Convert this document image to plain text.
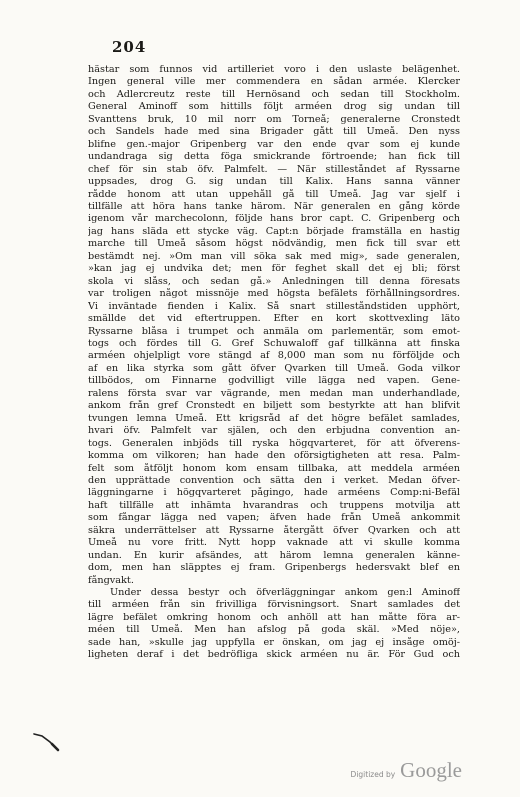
204
hästar som funnos vid artilleriet voro i den uslaste belägenhet.
Ingen general ville mer commendera en sådan armée. Klercker
och Adlercreutz reste till Hernösand och sedan till Stockholm.
General Aminoff som hittills följt arméen drog sig undan till
Svanttens bruk, 10 mil norr om Torneå; generalerne Cronstedt
och Sandels hade med sina Brigader gått till Umeå. Den nyss
blifne gen.-major Gripenberg var den ende qvar som ej kunde
undandraga sig detta föga smickrande förtroende; han fick till
chef för sin stab öfv. Palmfelt. — När stilleståndet af Ryssarne
uppsades, drog G. sig undan till Kalix. Hans sanna vänner
rådde honom att utan uppehåll gå till Umeå. Jag var sjelf i
tillfälle att höra hans tanke härom. När generalen en gång körde
igenom vår marchecolonn, följde hans bror capt. C. Gripenberg och
jag hans släda ett stycke väg. Capt:n började framställa en hastig
marche till Umeå såsom högst nödvändig, men fick till svar ett
bestämdt nej. »Om man vill söka sak med mig», sade generalen,
»kan jag ej undvika det; men för feghet skall det ej bli; först
skola vi slåss, och sedan gå.» Anledningen till denna föresats
var troligen något missnöje med högsta befälets förhållningsordres.
Vi inväntade fienden i Kalix. Så snart stilleståndstiden upphört,
smällde det vid eftertruppen. Efter en kort skottvexling läto
Ryssarne blåsa i trumpet och anmäla om parlementär, som emot-
togs och fördes till G. Gref Schuwaloff gaf tillkänna att finska
arméen ohjelpligt vore stängd af 8,000 man som nu förföljde och
af en lika styrka som gått öfver Qvarken till Umeå. Goda vilkor
tillbödos, om Finnarne godvilligt ville lägga ned vapen. Gene-
ralens första svar var vägrande, men medan man underhandlade,
ankom från gref Cronstedt en biljett som bestyrkte att han blifvit
tvungen lemna Umeå. Ett krigsråd af det högre befälet samlades,
hvari öfv. Palmfelt var själen, och den erbjudna convention an-
togs. Generalen inbjöds till ryska högqvarteret, för att öfverens-
komma om vilkoren; han hade den oförsigtigheten att resa. Palm-
felt som åtföljt honom kom ensam tillbaka, att meddela arméen
den upprättade convention och sätta den i verket. Medan öfver-
läggningarne i högqvarteret pågingo, hade arméens Comp:ni-Befäl
haft tillfälle att inhämta hvarandras och truppens motvilja att
som fångar lägga ned vapen; äfven hade från Umeå ankommit
säkra underrättelser att Ryssarne återgått öfver Qvarken och att
Umeå nu vore fritt. Nytt hopp vaknade att vi skulle komma
undan. En kurir afsändes, att härom lemna generalen känne-
dom, men han släpptes ej fram. Gripenbergs hedersvakt blef en
fångvakt.
Under dessa bestyr och öfverläggningar ankom gen:l Aminoff
till arméen från sin frivilliga förvisningsort. Snart samlades det
lägre befälet omkring honom och anhöll att han måtte föra ar-
méen till Umeå. Men han afslog på goda skäl. »Med nöje»,
sade han, »skulle jag uppfylla er önskan, om jag ej insåge omöj-
ligheten deraf i det bedröfliga skick arméen nu är. För Gud och
Digitized by Google
